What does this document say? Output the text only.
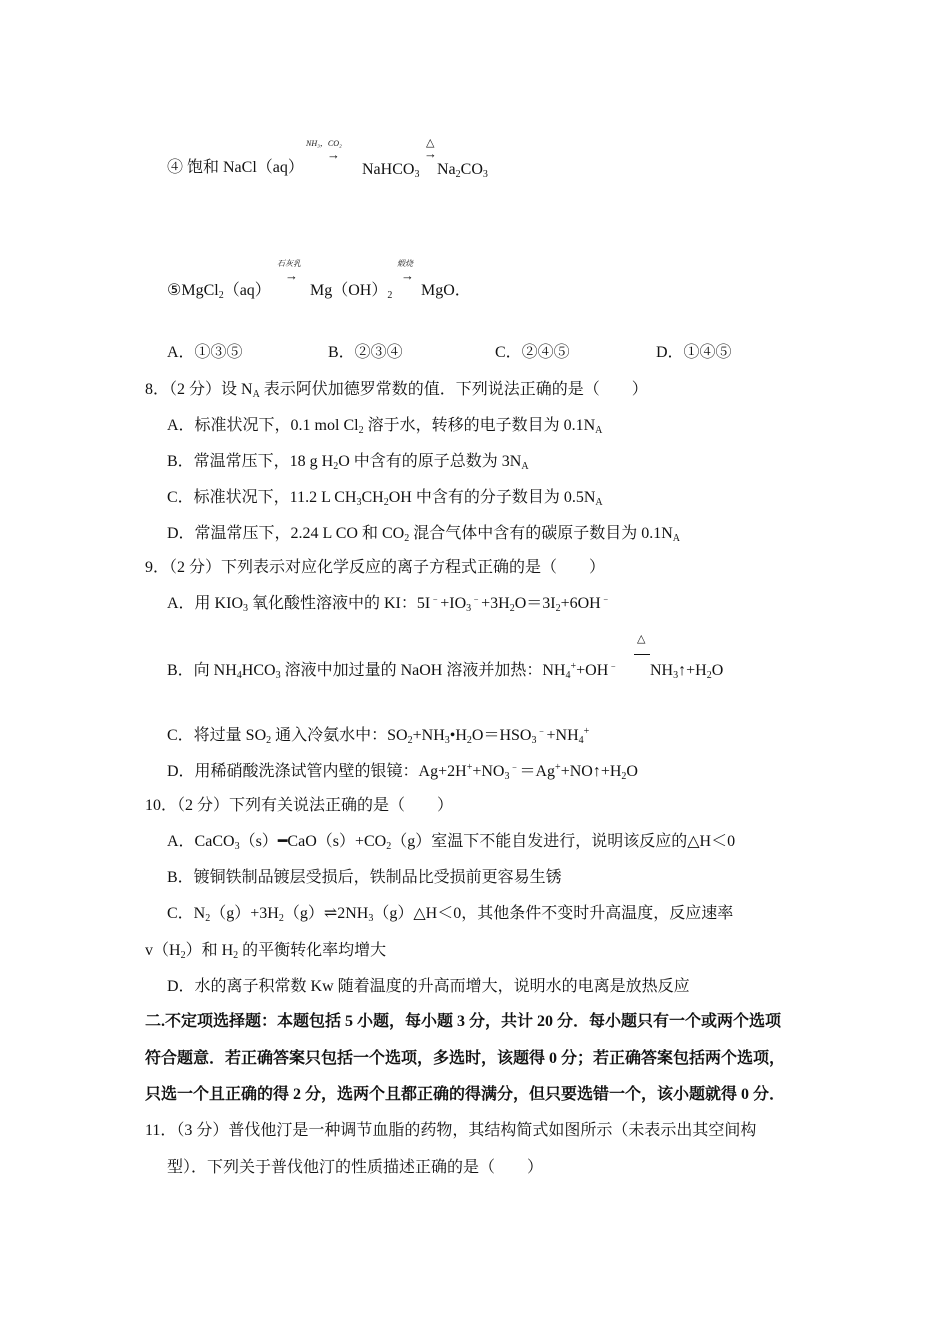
NH₃，CO₂
→
△
→
④ 饱和 NaCl（aq）	NaHCO$_3$ $Na_2CO_3$
石灰乳
→
煅烧
→
⑤MgCl$_2$（aq） $Mg(OH)_2$ MgO．
A．①③⑤	B．②③④	C．②④⑤	D．①④⑤
8．（2 分）设 $N_A$ 表示阿伏加德罗常数的值．下列说法正确的是（　　）
A．标准状况下，0.1 mol $Cl_2$ 溶于水，转移的电子数目为 $0.1N_A$
B．常温常压下，18 g $H_2O$ 中含有的原子总数为 $3N_A$
C．标准状况下，11.2 L $CH_3CH_2OH$ 中含有的分子数目为 $0.5N_A$
D．常温常压下，2.24 L CO 和 $CO_2$ 混合气体中含有的碳原子数目为 $0.1N_A$
9．（2 分）下列表示对应化学反应的离子方程式正确的是（　　）
A．用 $KIO_3$ 氧化酸性溶液中的 KI：$5I^﹣+IO_3^﹣+3H_2O=3I_2+6OH^﹣$
△
B．向 $NH_4HCO_3$ 溶液中加过量的 NaOH 溶液并加热：$NH_4^++OH^﹣$ $NH_3↑+H_2O$
C．将过量 $SO_2$ 通入冷氨水中：$SO_2+NH_3•H_2O=HSO_3^﹣+NH_4^+$
D．用稀硝酸洗涤试管内壁的银镜：$Ag+2H^++NO_3^﹣=Ag^++NO↑+H_2O$
10．（2 分）下列有关说法正确的是（　　）
A．$CaCO_3(s)━CaO(s)+CO_2(g)$室温下不能自发进行，说明该反应的△H＜0
B．镀铜铁制品镀层受损后，铁制品比受损前更容易生锈
C．$N_2(g)+3H_2(g)\rightleftharpoons 2NH_3(g)\triangle H<0$，其他条件不变时升高温度，反应速率
$v(H_2)$和 $H_2$ 的平衡转化率均增大
D．水的离子积常数 Kw 随着温度的升高而增大，说明水的电离是放热反应
二.不定项选择题：本题包括 5 小题，每小题 3 分，共计 20 分．每小题只有一个或两个选项
符合题意．若正确答案只包括一个选项，多选时，该题得 0 分；若正确答案包括两个选项，
只选一个且正确的得 2 分，选两个且都正确的得满分，但只要选错一个，该小题就得 0 分．
11．（3 分）普伐他汀是一种调节血脂的药物，其结构简式如图所示（未表示出其空间构
型）．下列关于普伐他汀的性质描述正确的是（　　）
